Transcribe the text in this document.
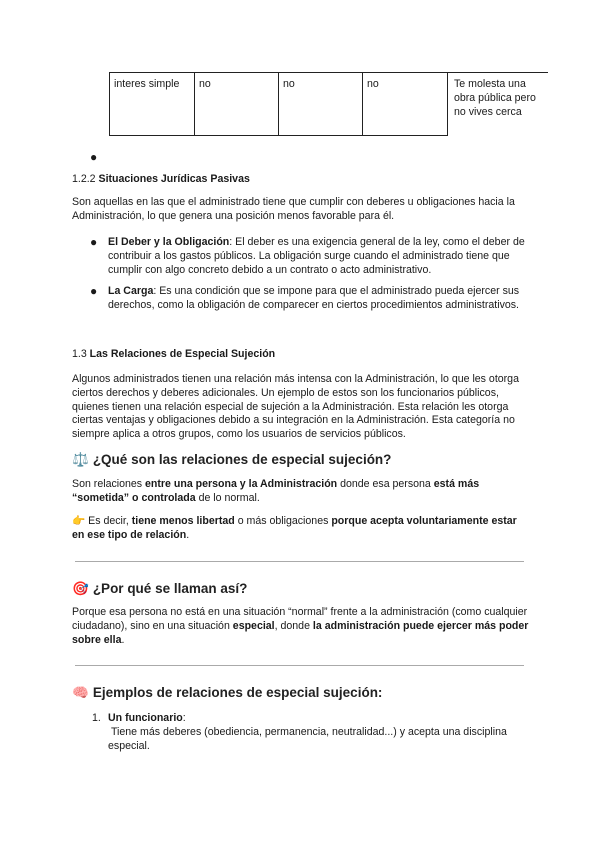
interes simple	no	no	no	Te molesta una obra pública pero no vives cerca
●
1.2.2 Situaciones Jurídicas Pasivas
Son aquellas en las que el administrado tiene que cumplir con deberes u obligaciones hacia la Administración, lo que genera una posición menos favorable para él.
● El Deber y la Obligación: El deber es una exigencia general de la ley, como el deber de contribuir a los gastos públicos. La obligación surge cuando el administrado tiene que cumplir con algo concreto debido a un contrato o acto administrativo.
● La Carga: Es una condición que se impone para que el administrado pueda ejercer sus derechos, como la obligación de comparecer en ciertos procedimientos administrativos.
1.3 Las Relaciones de Especial Sujeción
Algunos administrados tienen una relación más intensa con la Administración, lo que les otorga ciertos derechos y deberes adicionales. Un ejemplo de estos son los funcionarios públicos, quienes tienen una relación especial de sujeción a la Administración. Esta relación les otorga ciertas ventajas y obligaciones debido a su integración en la Administración. Esta categoría no siempre aplica a otros grupos, como los usuarios de servicios públicos.
⚖️ ¿Qué son las relaciones de especial sujeción?
Son relaciones entre una persona y la Administración donde esa persona está más “sometida” o controlada de lo normal.
👉 Es decir, tiene menos libertad o más obligaciones porque acepta voluntariamente estar en ese tipo de relación.
🎯 ¿Por qué se llaman así?
Porque esa persona no está en una situación “normal” frente a la administración (como cualquier ciudadano), sino en una situación especial, donde la administración puede ejercer más poder sobre ella.
🧠 Ejemplos de relaciones de especial sujeción:
1. Un funcionario:
Tiene más deberes (obediencia, permanencia, neutralidad...) y acepta una disciplina especial.
